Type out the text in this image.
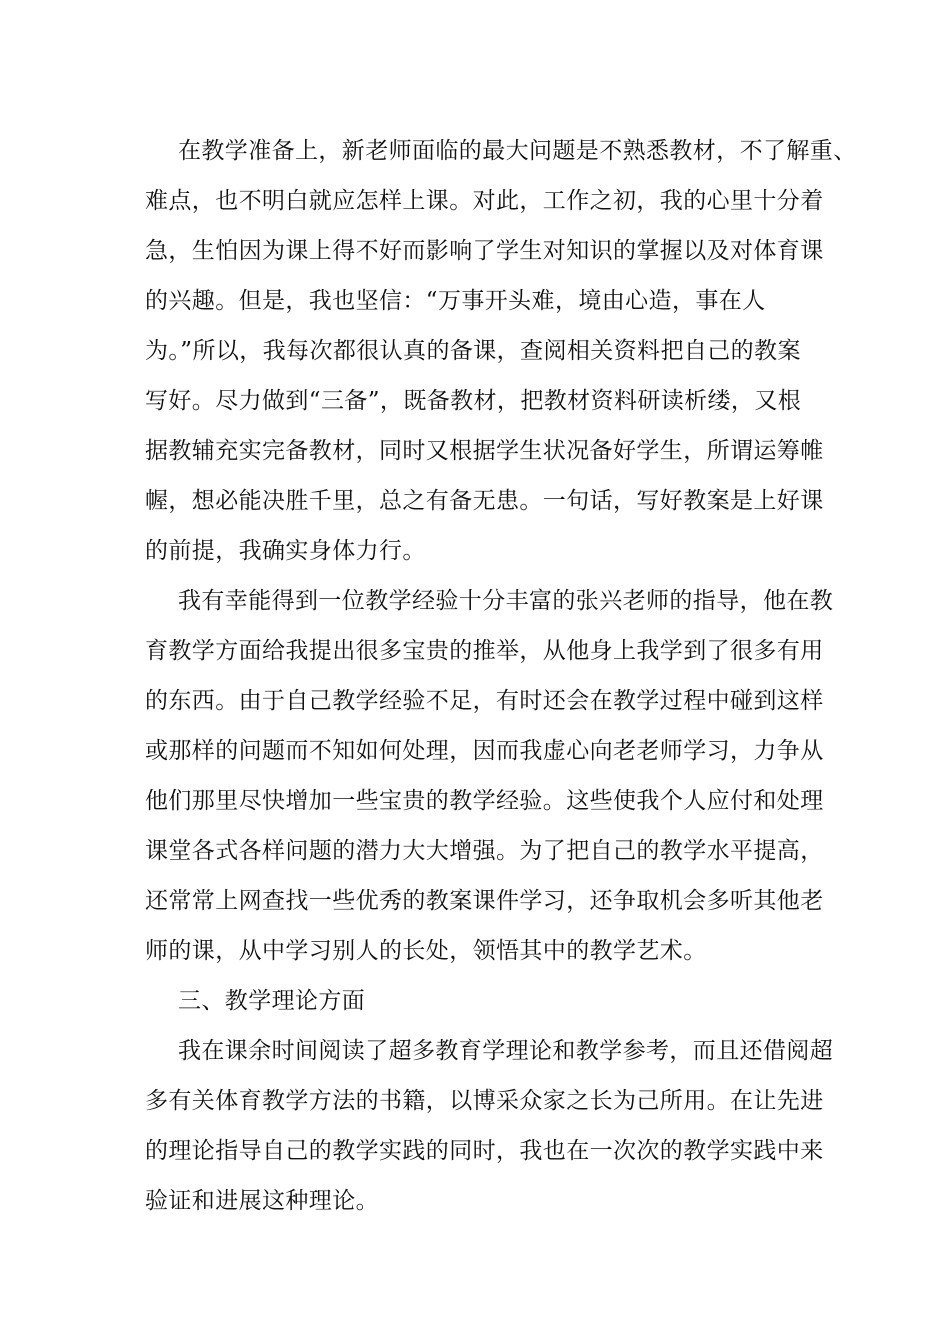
在教学准备上，新老师面临的最大问题是不熟悉教材，不了解重、
难点，也不明白就应怎样上课。对此，工作之初，我的心里十分着
急，生怕因为课上得不好而影响了学生对知识的掌握以及对体育课
的兴趣。但是，我也坚信：“万事开头难，境由心造，事在人
为。”所以，我每次都很认真的备课，查阅相关资料把自己的教案
写好。尽力做到“三备”，既备教材，把教材资料研读析缕，又根
据教辅充实完备教材，同时又根据学生状况备好学生，所谓运筹帷
幄，想必能决胜千里，总之有备无患。一句话，写好教案是上好课
的前提，我确实身体力行。
我有幸能得到一位教学经验十分丰富的张兴老师的指导，他在教
育教学方面给我提出很多宝贵的推举，从他身上我学到了很多有用
的东西。由于自己教学经验不足，有时还会在教学过程中碰到这样
或那样的问题而不知如何处理，因而我虚心向老老师学习，力争从
他们那里尽快增加一些宝贵的教学经验。这些使我个人应付和处理
课堂各式各样问题的潜力大大增强。为了把自己的教学水平提高，
还常常上网查找一些优秀的教案课件学习，还争取机会多听其他老
师的课，从中学习别人的长处，领悟其中的教学艺术。
三、教学理论方面
我在课余时间阅读了超多教育学理论和教学参考，而且还借阅超
多有关体育教学方法的书籍，以博采众家之长为己所用。在让先进
的理论指导自己的教学实践的同时，我也在一次次的教学实践中来
验证和进展这种理论。
